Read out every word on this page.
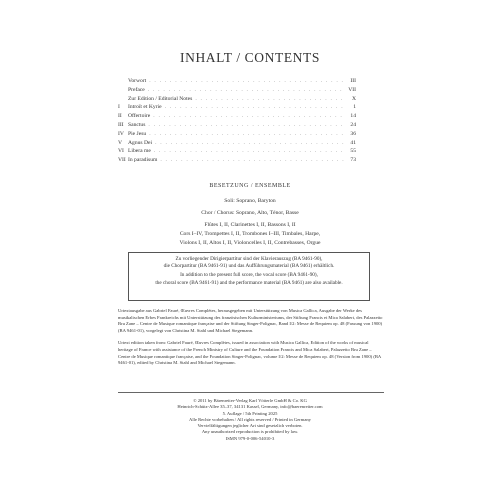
INHALT / CONTENTS
Vorwort . . .	III
Preface . . .	VII
Zur Edition / Editorial Notes . . .	X
I	Introït et Kyrie . . .	1
II	Offertoire . . .	14
III Sanctus . . .	24
IV Pie Jesu . . .	36
V	Agnus Dei . . .	41
VI Libera me . . .	55
VII In paradisum . . .	73
BESETZUNG / ENSEMBLE
Soli: Soprano, Baryton
Chor / Chorus: Soprano, Alto, Ténor, Basse
Flûtes I, II, Clarinettes I, II, Bassons I, II
Cors I–IV, Trompettes I, II, Trombones I–III, Timbales, Harpe,
Violons I, II, Altos I, II, Violoncelles I, II, Contrebasses, Orgue
Zu vorliegender Dirigierpartitur sind der Klavierauszug (BA 9461-90),
die Chorpartitur (BA 9461-91) und das Aufführungsmaterial (BA 9461) erhältlich.
In addition to the present full score, the vocal score (BA 9461-90),
the choral score (BA 9461-91) and the performance material (BA 9461) are also available.

Urtextausgabe aus Gabriel Fauré, Œuvres Complètes, herausgegeben mit Unterstützung von Musica Gallica, Ausgabe der Werke des musikalischen Erbes Frankreichs mit Unterstützung des französischen Kulturministeriums, der Stiftung Francis et Mica Salabert, des Palazzetto Bru Zane – Centre de Musique romantique française und der Stiftung Singer-Polignac, Band I/2: Messe de Requiem op. 48 (Fassung von 1900) (BA 9461-01), vorgelegt von Christina M. Stahl und Michael Stegemann.

Urtext edition taken from: Gabriel Fauré, Œuvres Complètes, issued in association with Musica Gallica, Edition of the works of musical heritage of France with assistance of the French Ministry of Culture and the Foundation Francis and Mica Salabert, Palazzetto Bru Zane – Centre de Musique romantique française, and the Foundation Singer-Polignac, volume I/2: Messe de Requiem op. 48 (Version from 1900) (BA 9461-01), edited by Christina M. Stahl and Michael Stegemann.

© 2011 by Bärenreiter-Verlag Karl Vötterle GmbH & Co. KG
Heinrich-Schütz-Allee 35–37, 34131 Kassel, Germany, info@baerenreiter.com
5. Auflage / 5th Printing 2025
Alle Rechte vorbehalten / All rights reserved / Printed in Germany
Vervielfältigungen jeglicher Art sind gesetzlich verboten.
Any unauthorized reproduction is prohibited by law.
ISMN 979-0-006-54010-3
